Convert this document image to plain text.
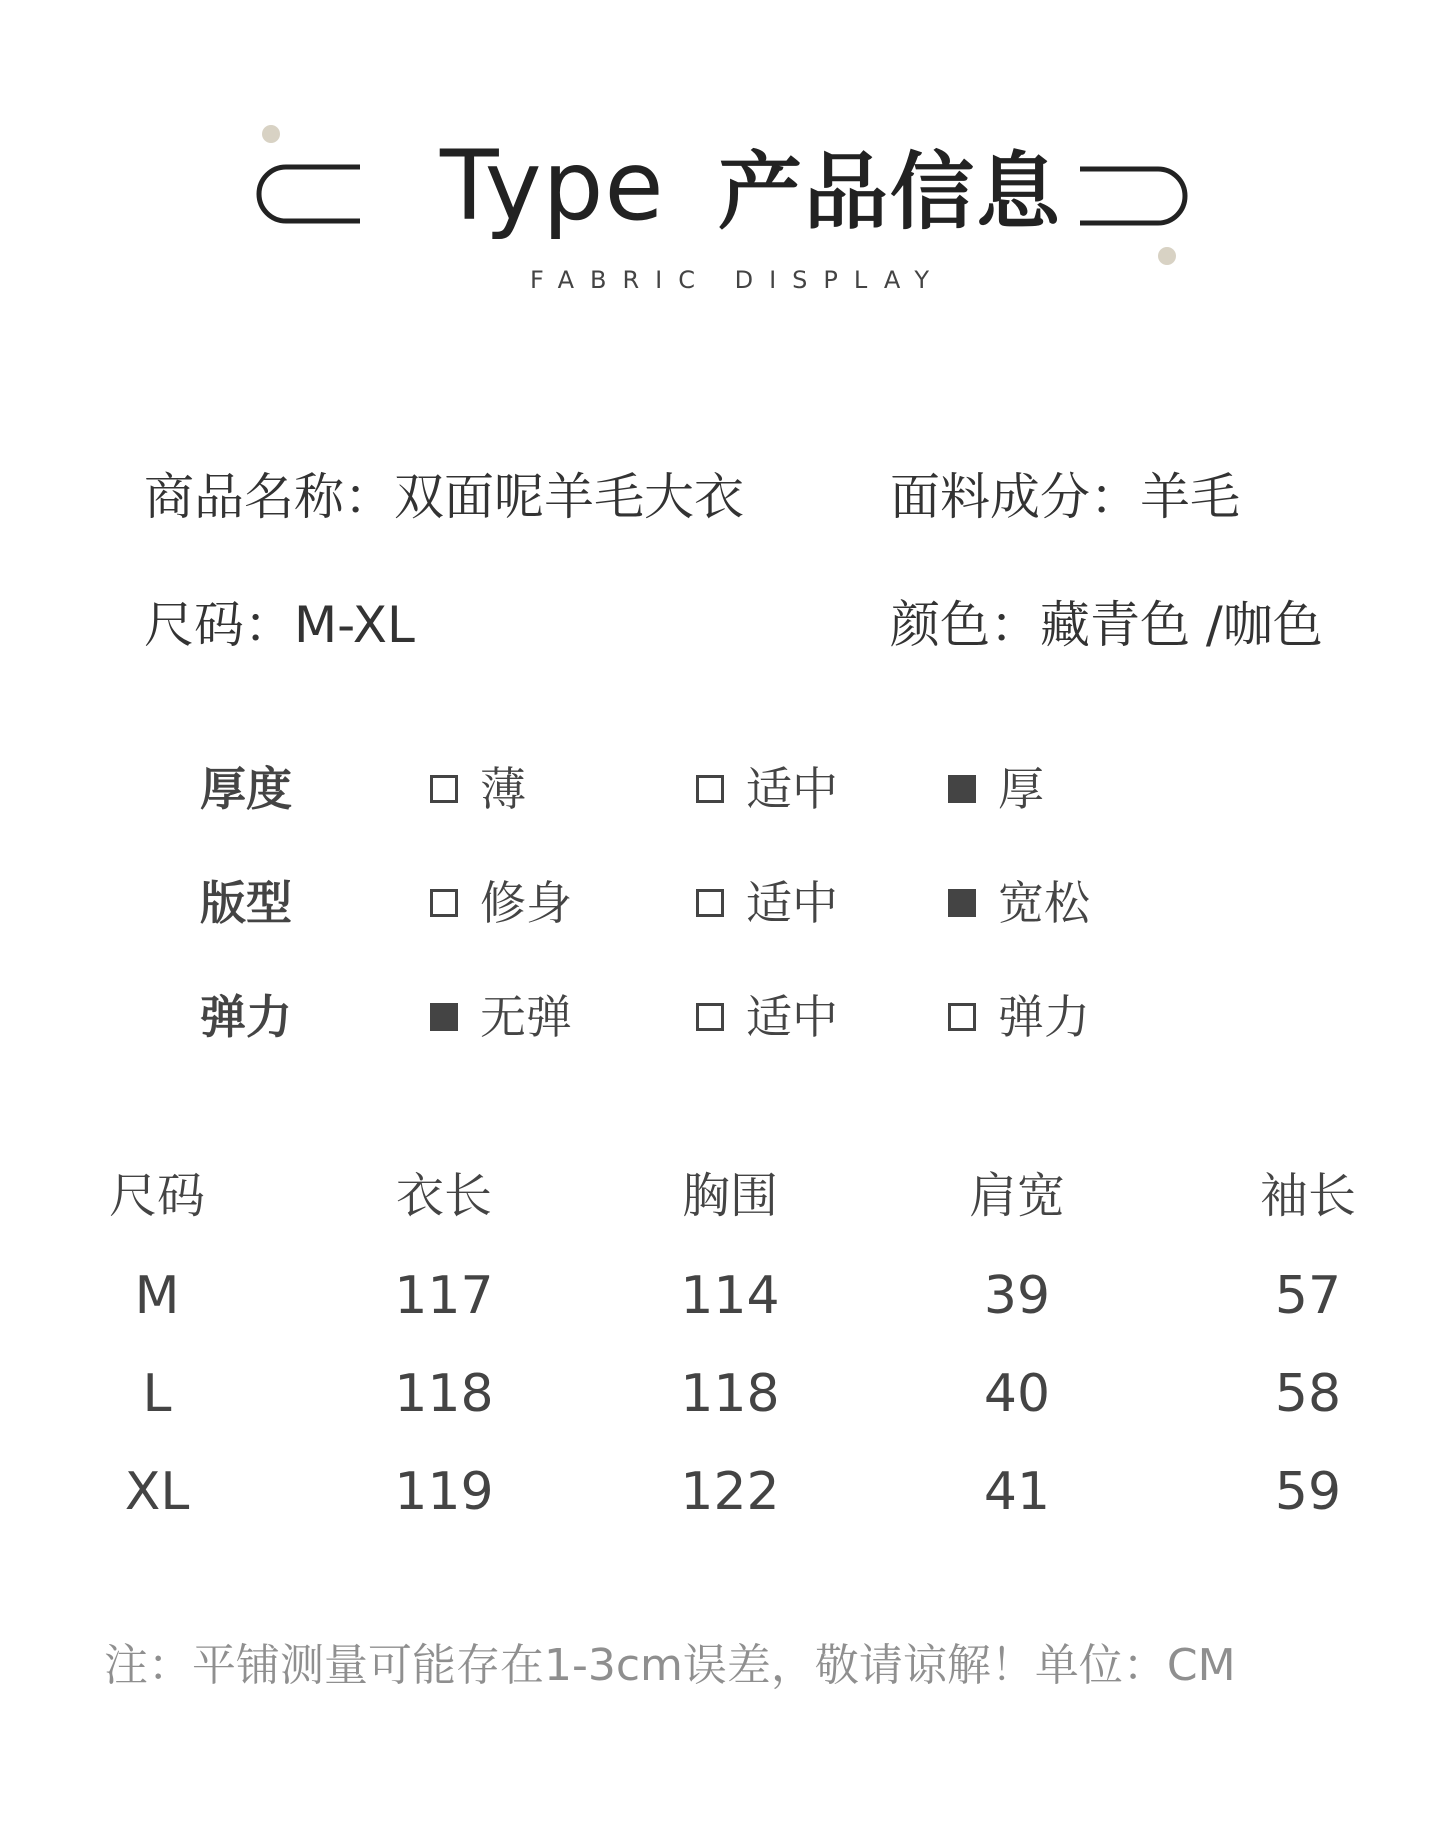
Type 产品信息
FABRIC DISPLAY
商品名称：双面呢羊毛大衣	面料成分：羊毛
尺码：M-XL	颜色：藏青色 /咖色
厚度	薄	适中	厚
版型	修身	适中	宽松
弹力	无弹	适中	弹力
尺码	衣长	胸围	肩宽	袖长
M	117	114	39	57
L	118	118	40	58
XL	119	122	41	59
注：平铺测量可能存在1-3cm误差，敬请谅解！单位：CM
